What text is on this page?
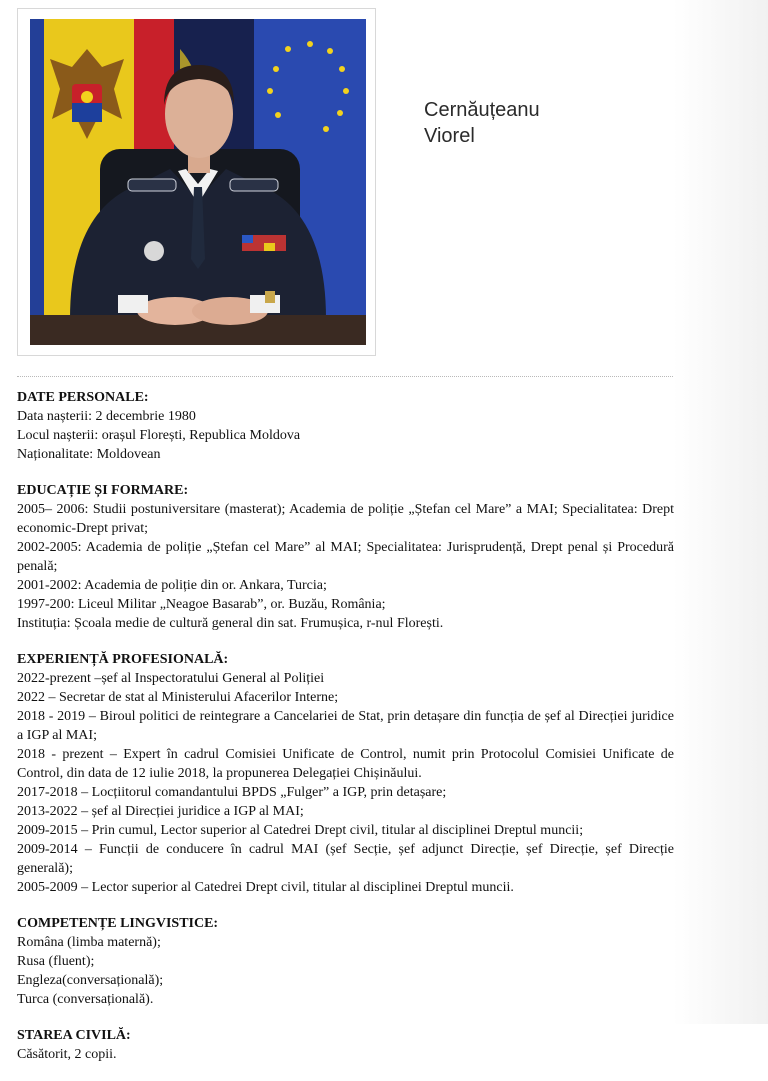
Cernăuțeanu
Viorel
DATE PERSONALE:
Data nașterii: 2 decembrie 1980
Locul nașterii: orașul Florești, Republica Moldova
Naționalitate: Moldovean
EDUCAȚIE ȘI FORMARE:
2005– 2006: Studii postuniversitare (masterat); Academia de poliție „Ștefan cel Mare” a MAI; Specialitatea: Drept economic-Drept privat;
2002-2005: Academia de poliție „Ștefan cel Mare” al MAI; Specialitatea: Jurisprudență, Drept penal și Procedură penală;
2001-2002: Academia de poliție din or. Ankara, Turcia;
1997-200: Liceul Militar „Neagoe Basarab”, or. Buzău, România;
Instituția: Școala medie de cultură general din sat. Frumușica, r-nul Florești.
EXPERIENȚĂ PROFESIONALĂ:
2022-prezent –șef al Inspectoratului General al Poliției
2022 – Secretar de stat al Ministerului Afacerilor Interne;
2018 - 2019 – Biroul politici de reintegrare a Cancelariei de Stat, prin detașare din funcția de șef al Direcției juridice a IGP al MAI;
2018 - prezent – Expert în cadrul Comisiei Unificate de Control, numit prin Protocolul Comisiei Unificate de Control, din data de 12 iulie 2018, la propunerea Delegației Chișinăului.
2017-2018 – Locțiitorul comandantului BPDS „Fulger” a IGP, prin detașare;
2013-2022 – șef al Direcției juridice a IGP al MAI;
2009-2015 – Prin cumul, Lector superior al Catedrei Drept civil, titular al disciplinei Dreptul muncii;
2009-2014 – Funcții de conducere în cadrul MAI (șef Secție, șef adjunct Direcție, șef Direcție, șef Direcție generală);
2005-2009 – Lector superior al Catedrei Drept civil, titular al disciplinei Dreptul muncii.
COMPETENȚE LINGVISTICE:
Româna (limba maternă);
Rusa (fluent);
Engleza(conversațională);
Turca (conversațională).
STAREA CIVILĂ:
Căsătorit, 2 copii.
